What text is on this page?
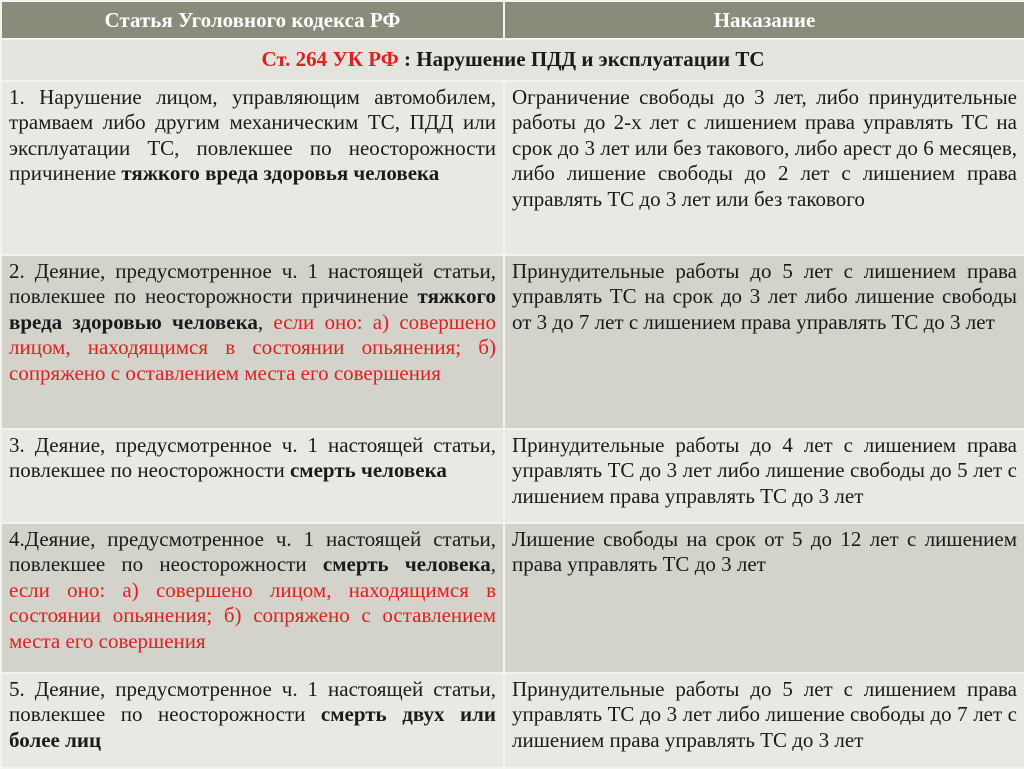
Статья Уголовного кодекса РФ	Наказание
Ст. 264 УК РФ : Нарушение ПДД и эксплуатации ТС	
1. Нарушение лицом, управляющим автомобилем, трамваем либо другим механическим ТС, ПДД или эксплуатации ТС, повлекшее по неосторожности причинение тяжкого вреда здоровья человека	Ограничение свободы до 3 лет, либо принудительные работы до 2-х лет с лишением права управлять ТС на срок до 3 лет или без такового, либо арест до 6 месяцев, либо лишение свободы до 2 лет с лишением права управлять ТС до 3 лет или без такового
2. Деяние, предусмотренное ч. 1 настоящей статьи, повлекшее по неосторожности причинение тяжкого вреда здоровью человека, если оно: а) совершено лицом, находящимся в состоянии опьянения; б) сопряжено с оставлением места его совершения	Принудительные работы до 5 лет с лишением права управлять ТС на срок до 3 лет либо лишение свободы от 3 до 7 лет с лишением права управлять ТС до 3 лет
3. Деяние, предусмотренное ч. 1 настоящей статьи, повлекшее по неосторожности смерть человека	Принудительные работы до 4 лет с лишением права управлять ТС до 3 лет либо лишение свободы до 5 лет с лишением права управлять ТС до 3 лет
4.Деяние, предусмотренное ч. 1 настоящей статьи, повлекшее по неосторожности смерть человека, если оно: а) совершено лицом, находящимся в состоянии опьянения; б) сопряжено с оставлением места его совершения	Лишение свободы на срок от 5 до 12 лет с лишением права управлять ТС до 3 лет
5. Деяние, предусмотренное ч. 1 настоящей статьи, повлекшее по неосторожности смерть двух или более лиц	Принудительные работы до 5 лет с лишением права управлять ТС до 3 лет либо лишение свободы до 7 лет с лишением права управлять ТС до 3 лет
